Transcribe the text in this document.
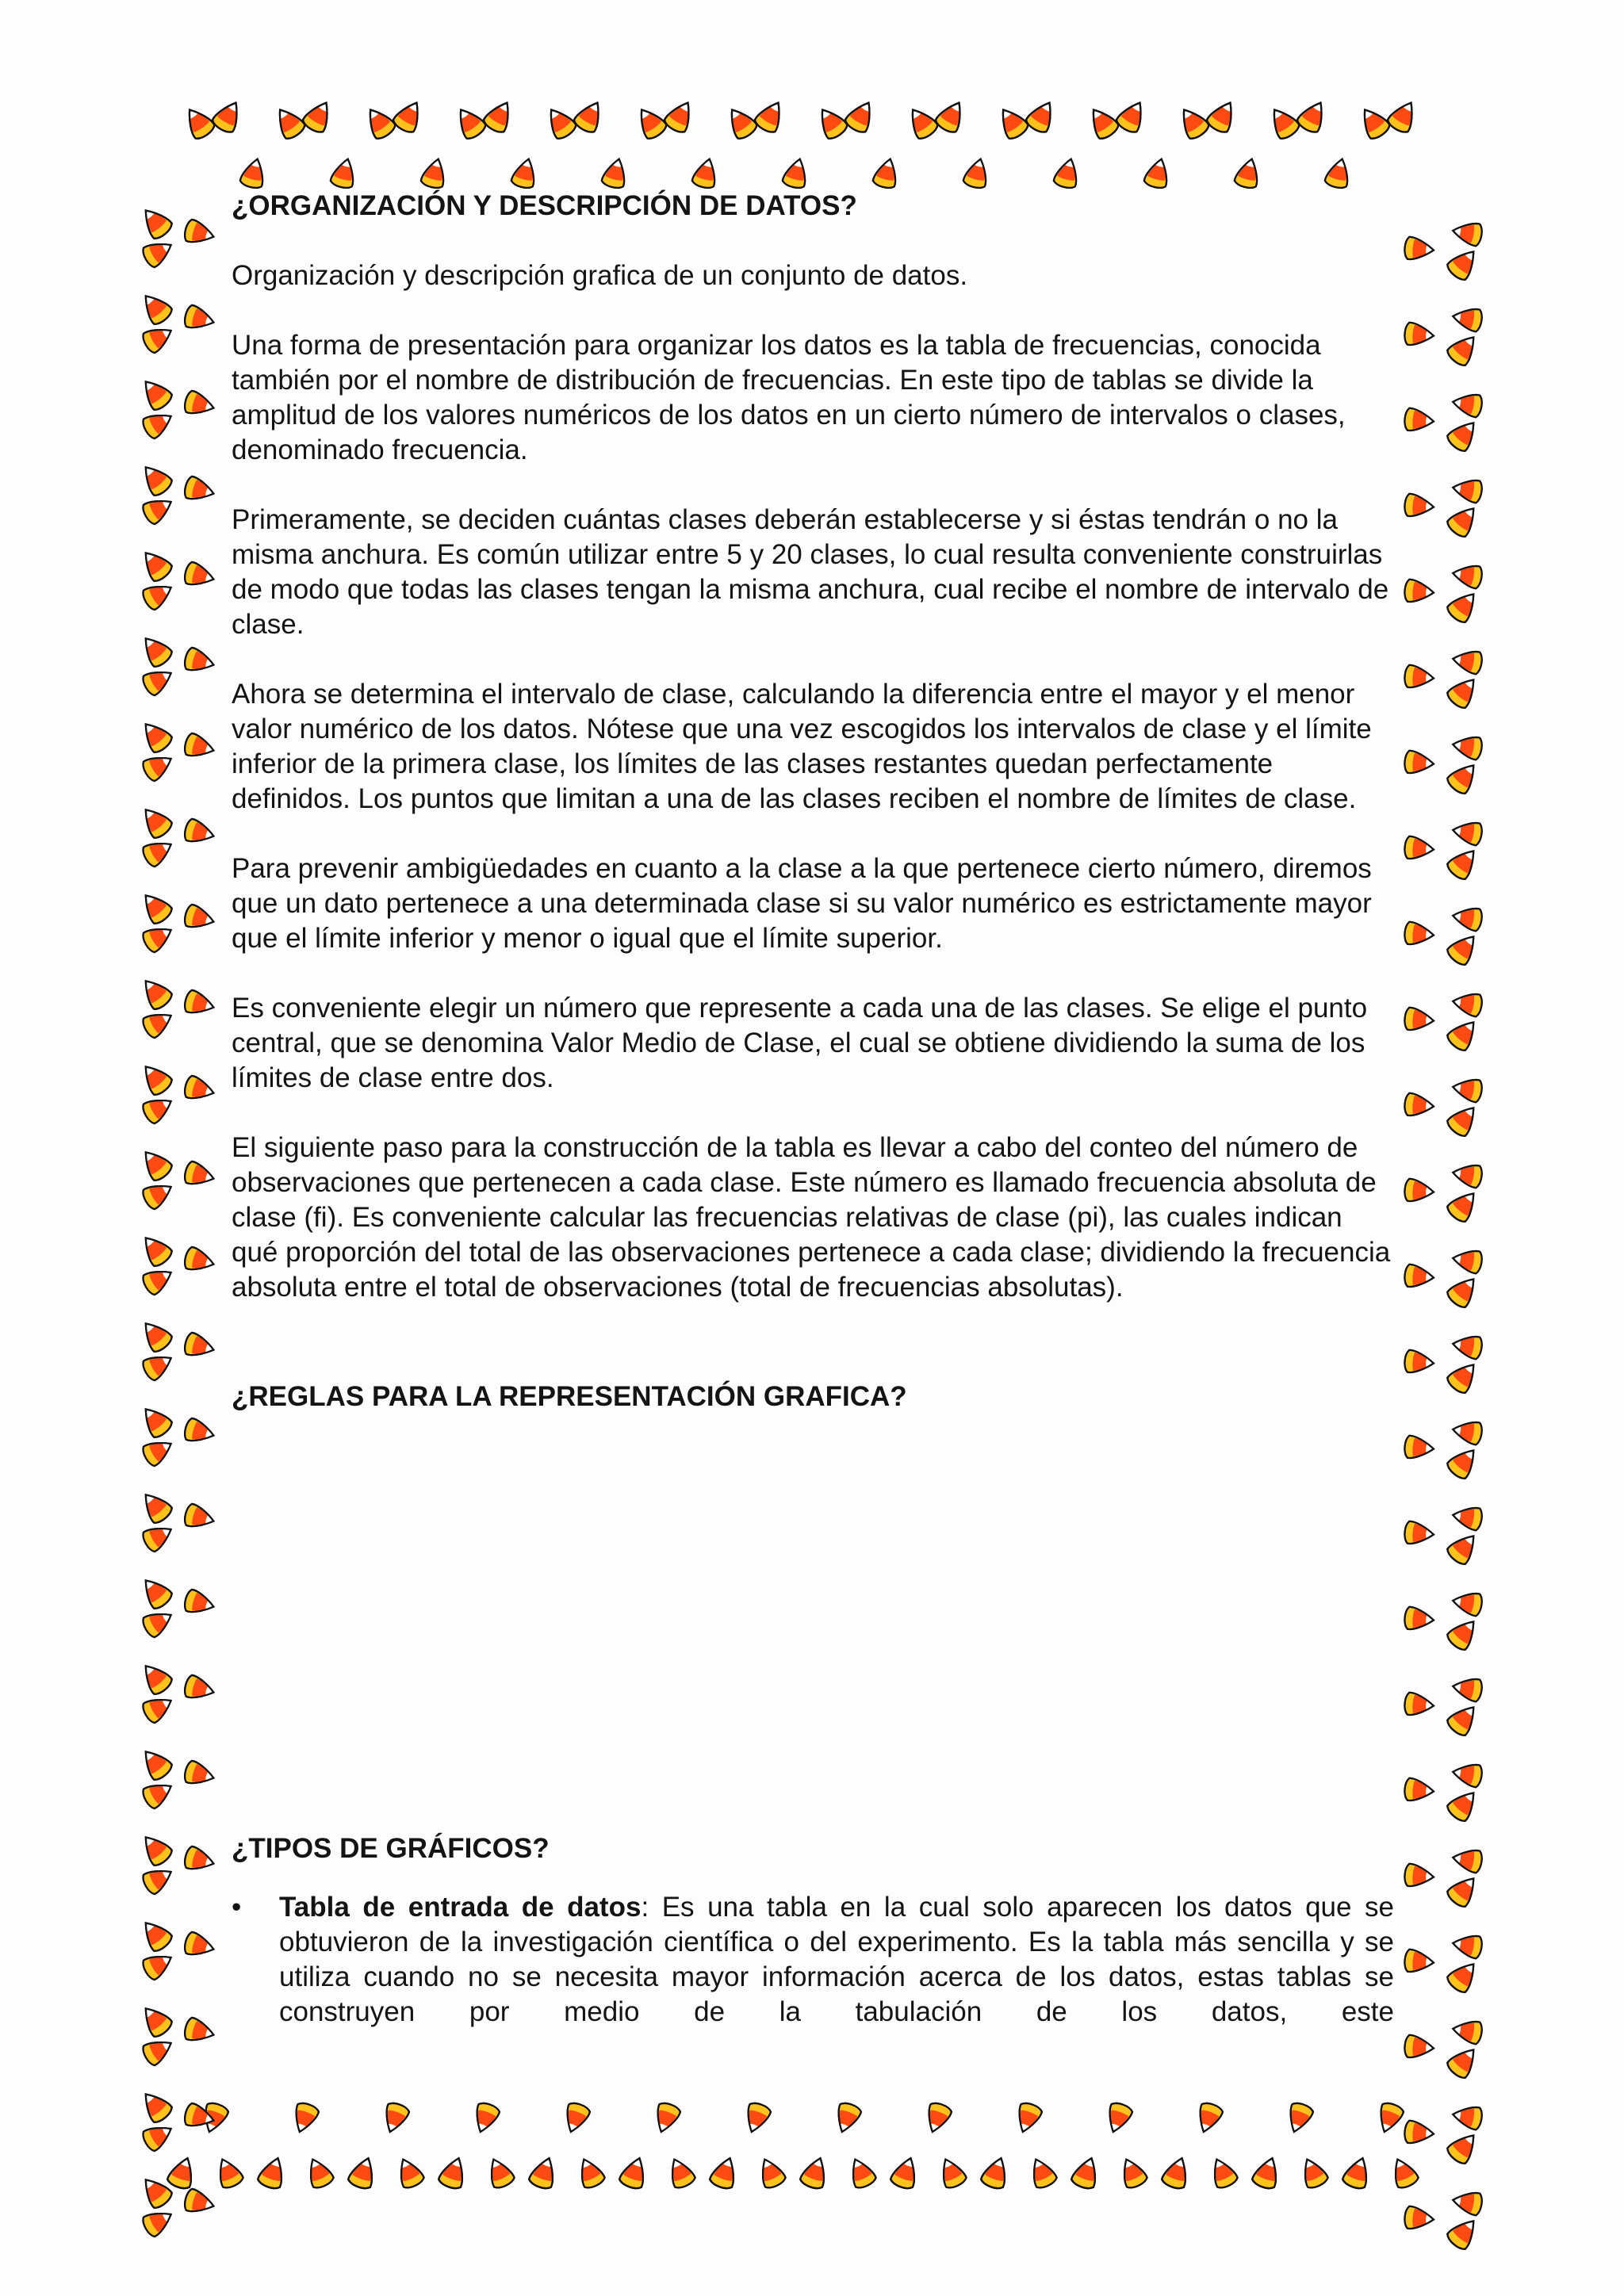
¿ORGANIZACIÓN Y DESCRIPCIÓN DE DATOS?

Organización y descripción grafica de un conjunto de datos.

Una forma de presentación para organizar los datos es la tabla de frecuencias, conocida también por el nombre de distribución de frecuencias. En este tipo de tablas se divide la amplitud de los valores numéricos de los datos en un cierto número de intervalos o clases, denominado frecuencia.

Primeramente, se deciden cuántas clases deberán establecerse y si éstas tendrán o no la misma anchura. Es común utilizar entre 5 y 20 clases, lo cual resulta conveniente construirlas de modo que todas las clases tengan la misma anchura, cual recibe el nombre de intervalo de clase.

Ahora se determina el intervalo de clase, calculando la diferencia entre el mayor y el menor valor numérico de los datos. Nótese que una vez escogidos los intervalos de clase y el límite inferior de la primera clase, los límites de las clases restantes quedan perfectamente definidos. Los puntos que limitan a una de las clases reciben el nombre de límites de clase.

Para prevenir ambigüedades en cuanto a la clase a la que pertenece cierto número, diremos que un dato pertenece a una determinada clase si su valor numérico es estrictamente mayor que el límite inferior y menor o igual que el límite superior.

Es conveniente elegir un número que represente a cada una de las clases. Se elige el punto central, que se denomina Valor Medio de Clase, el cual se obtiene dividiendo la suma de los límites de clase entre dos.

El siguiente paso para la construcción de la tabla es llevar a cabo del conteo del número de observaciones que pertenecen a cada clase. Este número es llamado frecuencia absoluta de clase (fi). Es conveniente calcular las frecuencias relativas de clase (pi), las cuales indican qué proporción del total de las observaciones pertenece a cada clase; dividiendo la frecuencia absoluta entre el total de observaciones (total de frecuencias absolutas).

¿REGLAS PARA LA REPRESENTACIÓN GRAFICA?
¿TIPOS DE GRÁFICOS?
• Tabla de entrada de datos: Es una tabla en la cual solo aparecen los datos que se obtuvieron de la investigación científica o del experimento. Es la tabla más sencilla y se utiliza cuando no se necesita mayor información acerca de los datos, estas tablas se construyen por medio de la tabulación de los datos, este
